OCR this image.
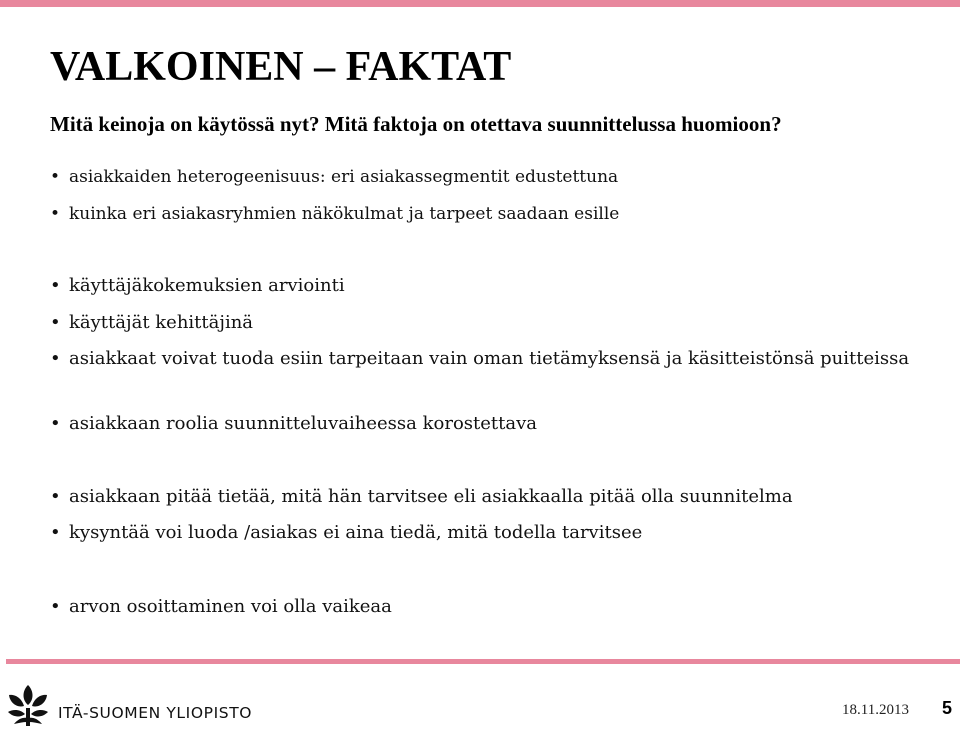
VALKOINEN – FAKTAT

Mitä keinoja on käytössä nyt? Mitä faktoja on otettava suunnittelussa huomioon?

• asiakkaiden heterogeenisuus: eri asiakassegmentit edustettuna
• kuinka eri asiakasryhmien näkökulmat ja tarpeet saadaan esille
• käyttäjäkokemuksien arviointi
• käyttäjät kehittäjinä
• asiakkaat voivat tuoda esiin tarpeitaan vain oman tietämyksensä ja käsitteistönsä puitteissa
• asiakkaan roolia suunnitteluvaiheessa korostettava
• asiakkaan pitää tietää, mitä hän tarvitsee eli asiakkaalla pitää olla suunnitelma
• kysyntää voi luoda /asiakas ei aina tiedä, mitä todella tarvitsee
• arvon osoittaminen voi olla vaikeaa
ITÄ-SUOMEN YLIOPISTO	18.11.2013 5
